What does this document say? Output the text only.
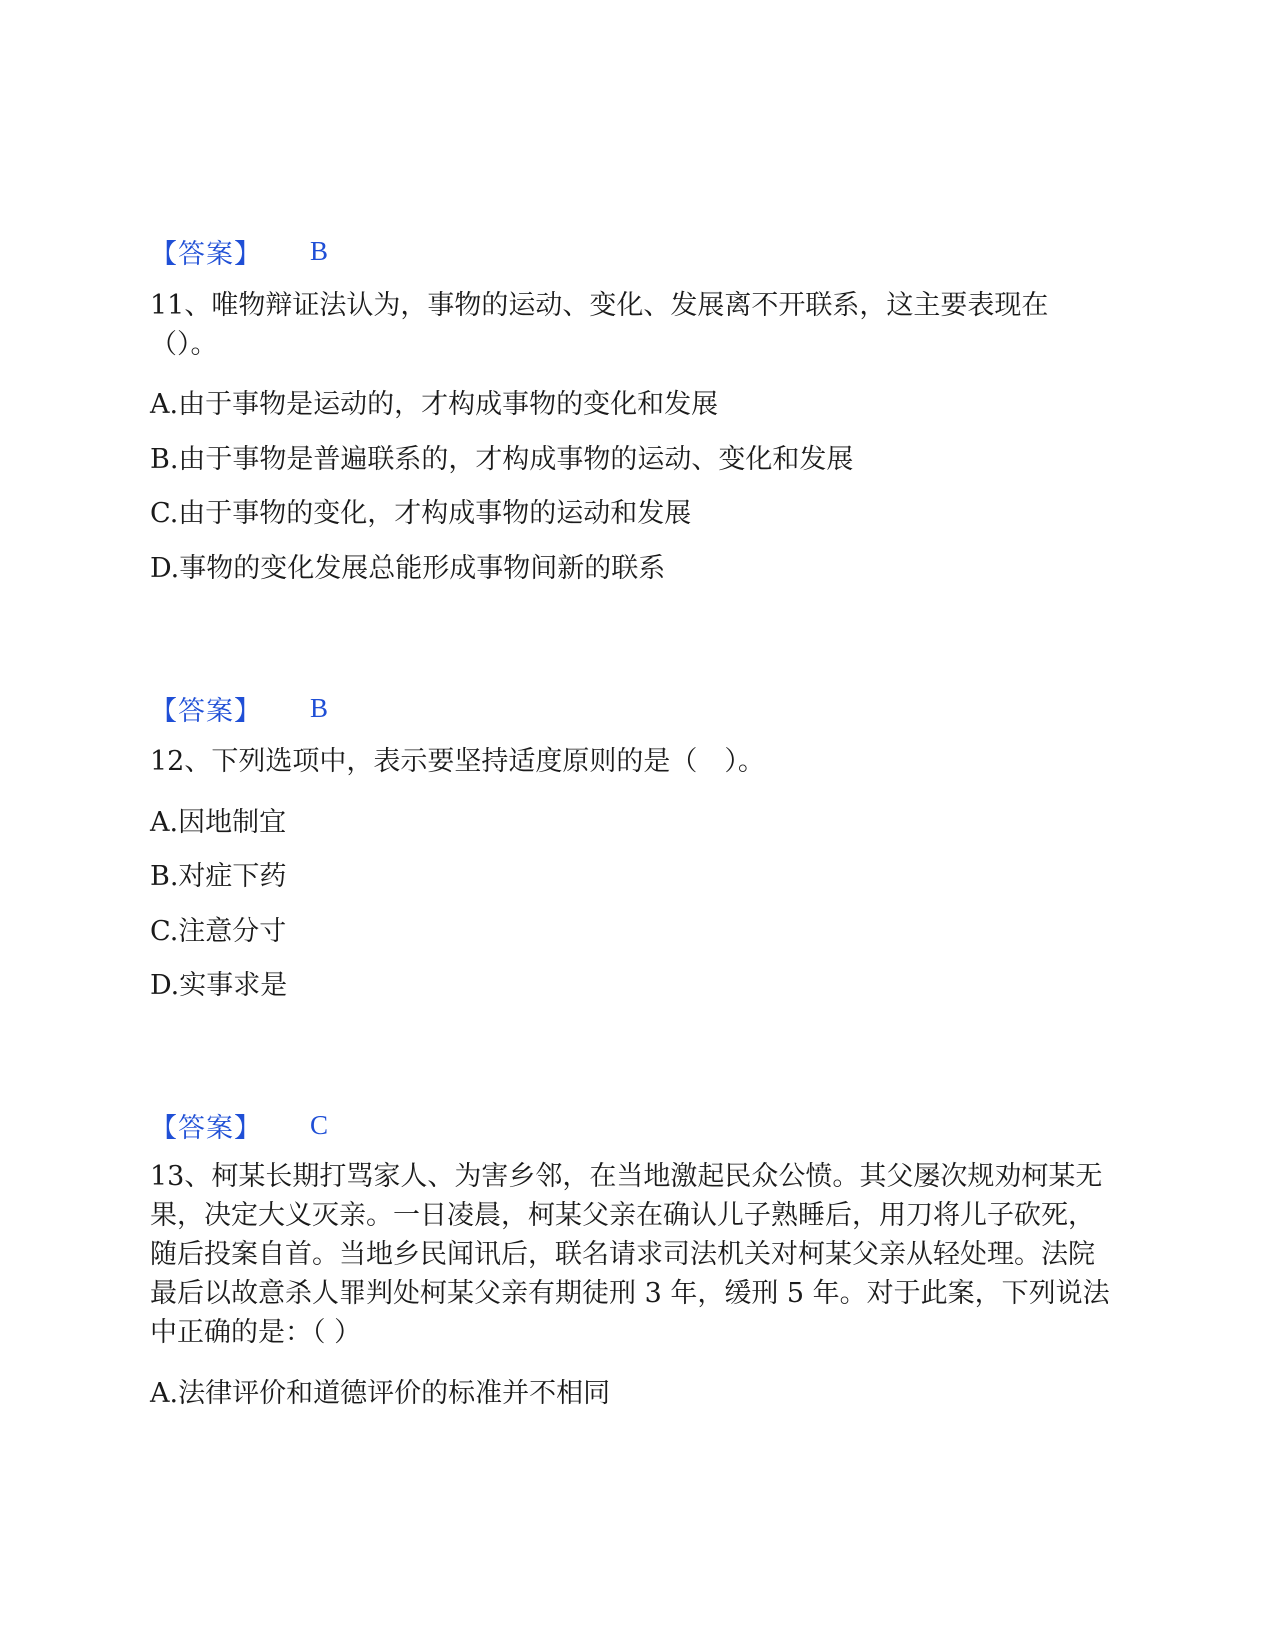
【答案】 B

11、唯物辩证法认为，事物的运动、变化、发展离不开联系，这主要表现在（）。

A.由于事物是运动的，才构成事物的变化和发展
B.由于事物是普遍联系的，才构成事物的运动、变化和发展
C.由于事物的变化，才构成事物的运动和发展
D.事物的变化发展总能形成事物间新的联系
【答案】 B

12、下列选项中，表示要坚持适度原则的是（　）。

A.因地制宜
B.对症下药
C.注意分寸
D.实事求是
【答案】 C

13、柯某长期打骂家人、为害乡邻，在当地激起民众公愤。其父屡次规劝柯某无果，决定大义灭亲。一日凌晨，柯某父亲在确认儿子熟睡后，用刀将儿子砍死，随后投案自首。当地乡民闻讯后，联名请求司法机关对柯某父亲从轻处理。法院最后以故意杀人罪判处柯某父亲有期徒刑 3 年，缓刑 5 年。对于此案，下列说法中正确的是：（ ）

A.法律评价和道德评价的标准并不相同
